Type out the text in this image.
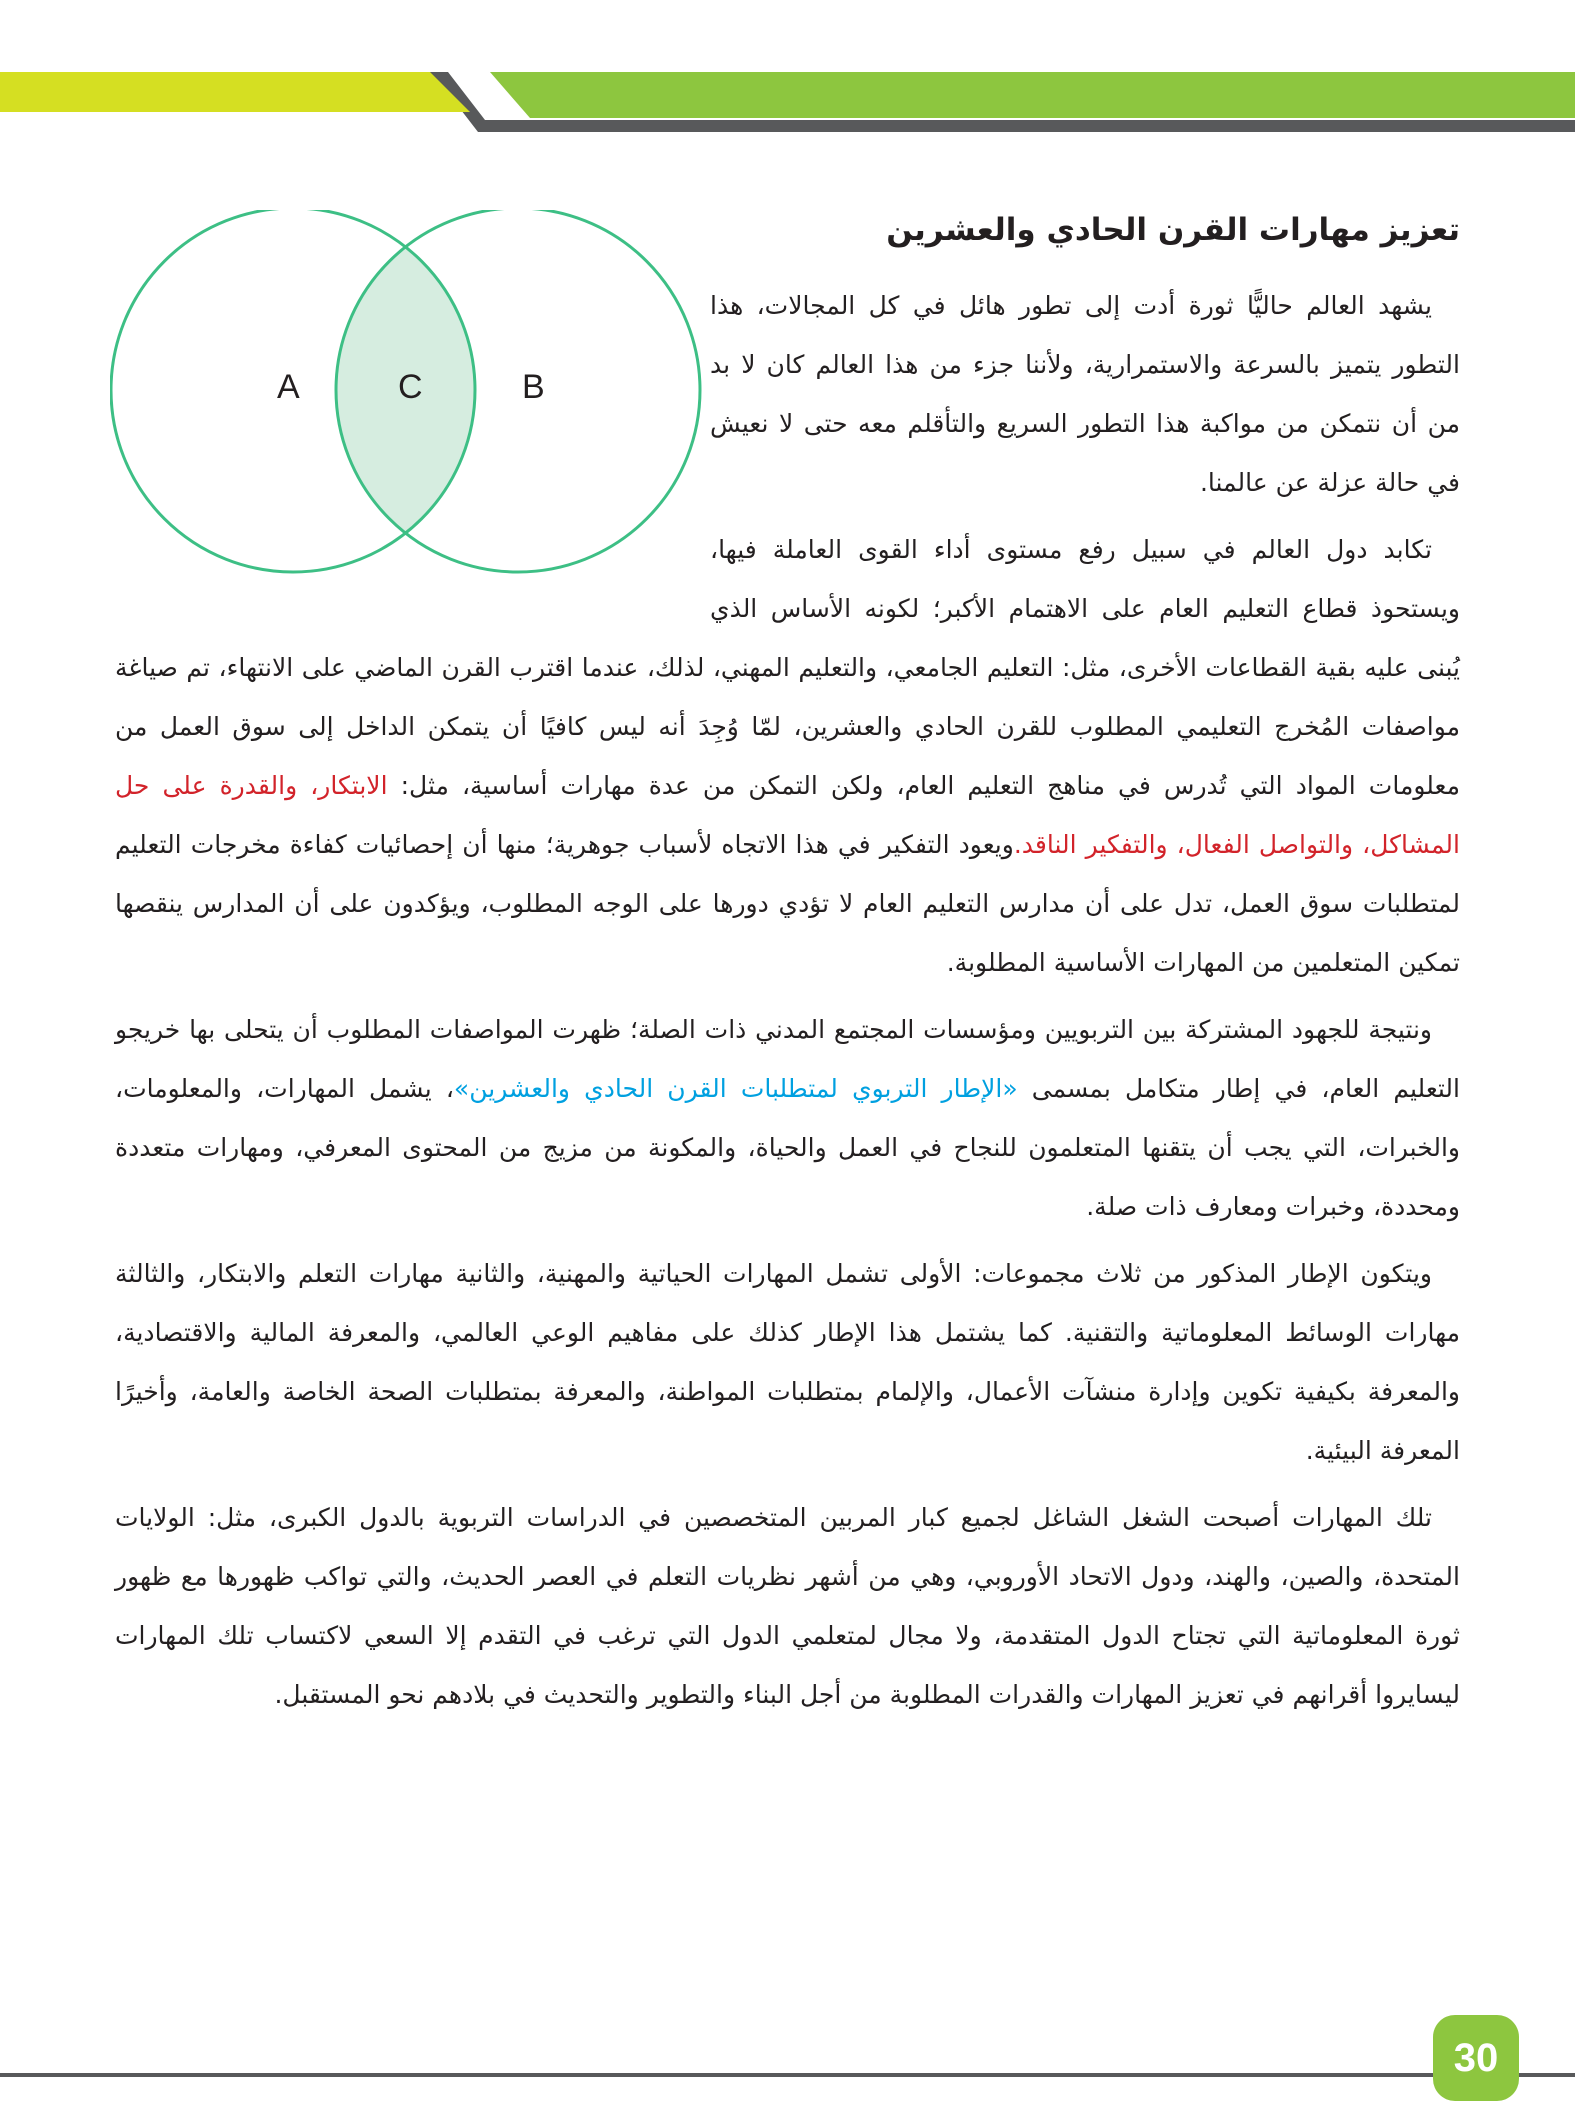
A	C	B
تعزيز مهارات القرن الحادي والعشرين

يشهد العالم حاليًّا ثورة أدت إلى تطور هائل في كل المجالات، هذا التطور يتميز بالسرعة والاستمرارية، ولأننا جزء من هذا العالم كان لا بد من أن نتمكن من مواكبة هذا التطور السريع والتأقلم معه حتى لا نعيش في حالة عزلة عن عالمنا.

تكابد دول العالم في سبيل رفع مستوى أداء القوى العاملة فيها، ويستحوذ قطاع التعليم العام على الاهتمام الأكبر؛ لكونه الأساس الذي يُبنى عليه بقية القطاعات الأخرى، مثل: التعليم الجامعي، والتعليم المهني، لذلك، عندما اقترب القرن الماضي على الانتهاء، تم صياغة مواصفات المُخرج التعليمي المطلوب للقرن الحادي والعشرين، لمّا وُجِدَ أنه ليس كافيًا أن يتمكن الداخل إلى سوق العمل من معلومات المواد التي تُدرس في مناهج التعليم العام، ولكن التمكن من عدة مهارات أساسية، مثل: الابتكار، والقدرة على حل المشاكل، والتواصل الفعال، والتفكير الناقد.ويعود التفكير في هذا الاتجاه لأسباب جوهرية؛ منها أن إحصائيات كفاءة مخرجات التعليم لمتطلبات سوق العمل، تدل على أن مدارس التعليم العام لا تؤدي دورها على الوجه المطلوب، ويؤكدون على أن المدارس ينقصها تمكين المتعلمين من المهارات الأساسية المطلوبة.

ونتيجة للجهود المشتركة بين التربويين ومؤسسات المجتمع المدني ذات الصلة؛ ظهرت المواصفات المطلوب أن يتحلى بها خريجو التعليم العام، في إطار متكامل بمسمى «الإطار التربوي لمتطلبات القرن الحادي والعشرين»، يشمل المهارات، والمعلومات، والخبرات، التي يجب أن يتقنها المتعلمون للنجاح في العمل والحياة، والمكونة من مزيج من المحتوى المعرفي، ومهارات متعددة ومحددة، وخبرات ومعارف ذات صلة.

ويتكون الإطار المذكور من ثلاث مجموعات: الأولى تشمل المهارات الحياتية والمهنية، والثانية مهارات التعلم والابتكار، والثالثة مهارات الوسائط المعلوماتية والتقنية. كما يشتمل هذا الإطار كذلك على مفاهيم الوعي العالمي، والمعرفة المالية والاقتصادية، والمعرفة بكيفية تكوين وإدارة منشآت الأعمال، والإلمام بمتطلبات المواطنة، والمعرفة بمتطلبات الصحة الخاصة والعامة، وأخيرًا المعرفة البيئية.

تلك المهارات أصبحت الشغل الشاغل لجميع كبار المربين المتخصصين في الدراسات التربوية بالدول الكبرى، مثل: الولايات المتحدة، والصين، والهند، ودول الاتحاد الأوروبي، وهي من أشهر نظريات التعلم في العصر الحديث، والتي تواكب ظهورها مع ظهور ثورة المعلوماتية التي تجتاح الدول المتقدمة، ولا مجال لمتعلمي الدول التي ترغب في التقدم إلا السعي لاكتساب تلك المهارات ليسايروا أقرانهم في تعزيز المهارات والقدرات المطلوبة من أجل البناء والتطوير والتحديث في بلادهم نحو المستقبل.

30
